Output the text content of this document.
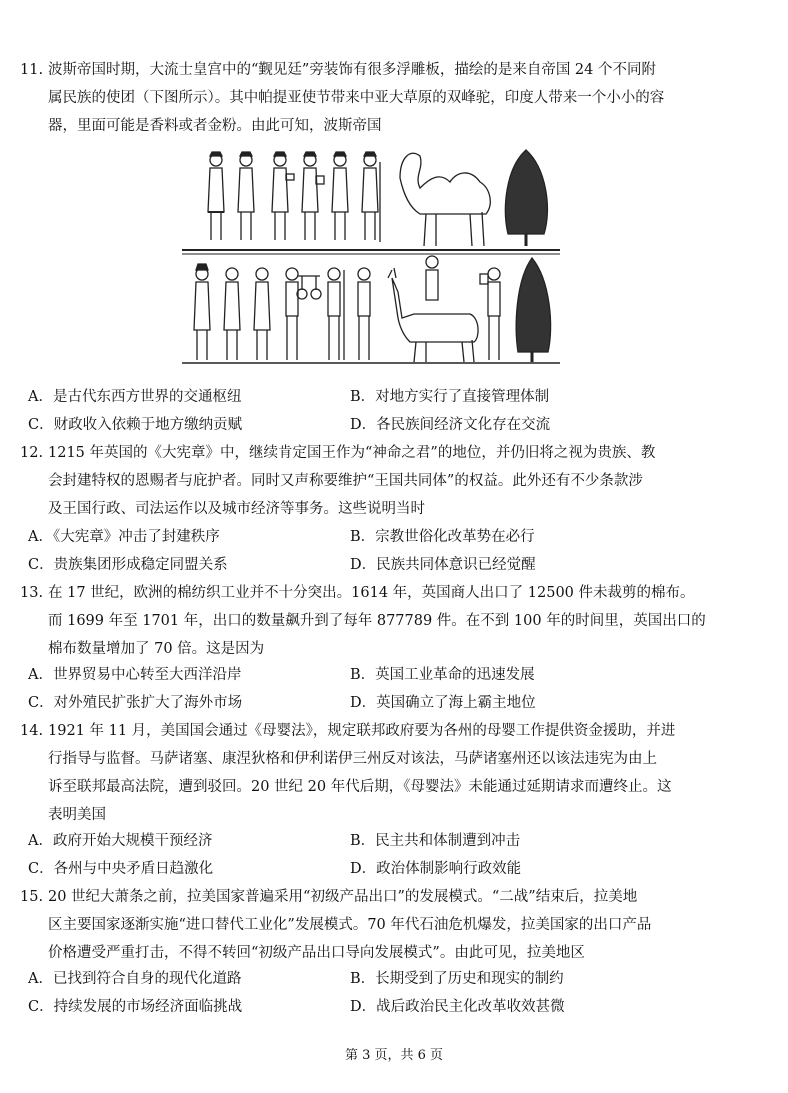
11. 波斯帝国时期，大流士皇宫中的“觐见廷”旁装饰有很多浮雕板，描绘的是来自帝国 24 个不同附
属民族的使团（下图所示）。其中帕提亚使节带来中亚大草原的双峰驼，印度人带来一个小小的容
器，里面可能是香料或者金粉。由此可知，波斯帝国
A．是古代东西方世界的交通枢纽	B．对地方实行了直接管理体制
C．财政收入依赖于地方缴纳贡赋	D．各民族间经济文化存在交流
12. 1215 年英国的《大宪章》中，继续肯定国王作为“神命之君”的地位，并仍旧将之视为贵族、教
会封建特权的恩赐者与庇护者。同时又声称要维护“王国共同体”的权益。此外还有不少条款涉
及王国行政、司法运作以及城市经济等事务。这些说明当时
A．《大宪章》冲击了封建秩序	B．宗教世俗化改革势在必行
C．贵族集团形成稳定同盟关系	D．民族共同体意识已经觉醒
13. 在 17 世纪，欧洲的棉纺织工业并不十分突出。1614 年，英国商人出口了 12500 件未裁剪的棉布。
而 1699 年至 1701 年，出口的数量飙升到了每年 877789 件。在不到 100 年的时间里，英国出口的
棉布数量增加了 70 倍。这是因为
A．世界贸易中心转至大西洋沿岸	B．英国工业革命的迅速发展
C．对外殖民扩张扩大了海外市场	D．英国确立了海上霸主地位
14. 1921 年 11 月，美国国会通过《母婴法》，规定联邦政府要为各州的母婴工作提供资金援助，并进
行指导与监督。马萨诸塞、康涅狄格和伊利诺伊三州反对该法，马萨诸塞州还以该法违宪为由上
诉至联邦最高法院，遭到驳回。20 世纪 20 年代后期，《母婴法》未能通过延期请求而遭终止。这
表明美国
A．政府开始大规模干预经济	B．民主共和体制遭到冲击
C．各州与中央矛盾日趋激化	D．政治体制影响行政效能
15. 20 世纪大萧条之前，拉美国家普遍采用“初级产品出口”的发展模式。“二战”结束后，拉美地
区主要国家逐渐实施“进口替代工业化”发展模式。70 年代石油危机爆发，拉美国家的出口产品
价格遭受严重打击，不得不转回“初级产品出口导向发展模式”。由此可见，拉美地区
A．已找到符合自身的现代化道路	B．长期受到了历史和现实的制约
C．持续发展的市场经济面临挑战	D．战后政治民主化改革收效甚微
第 3 页，共 6 页
